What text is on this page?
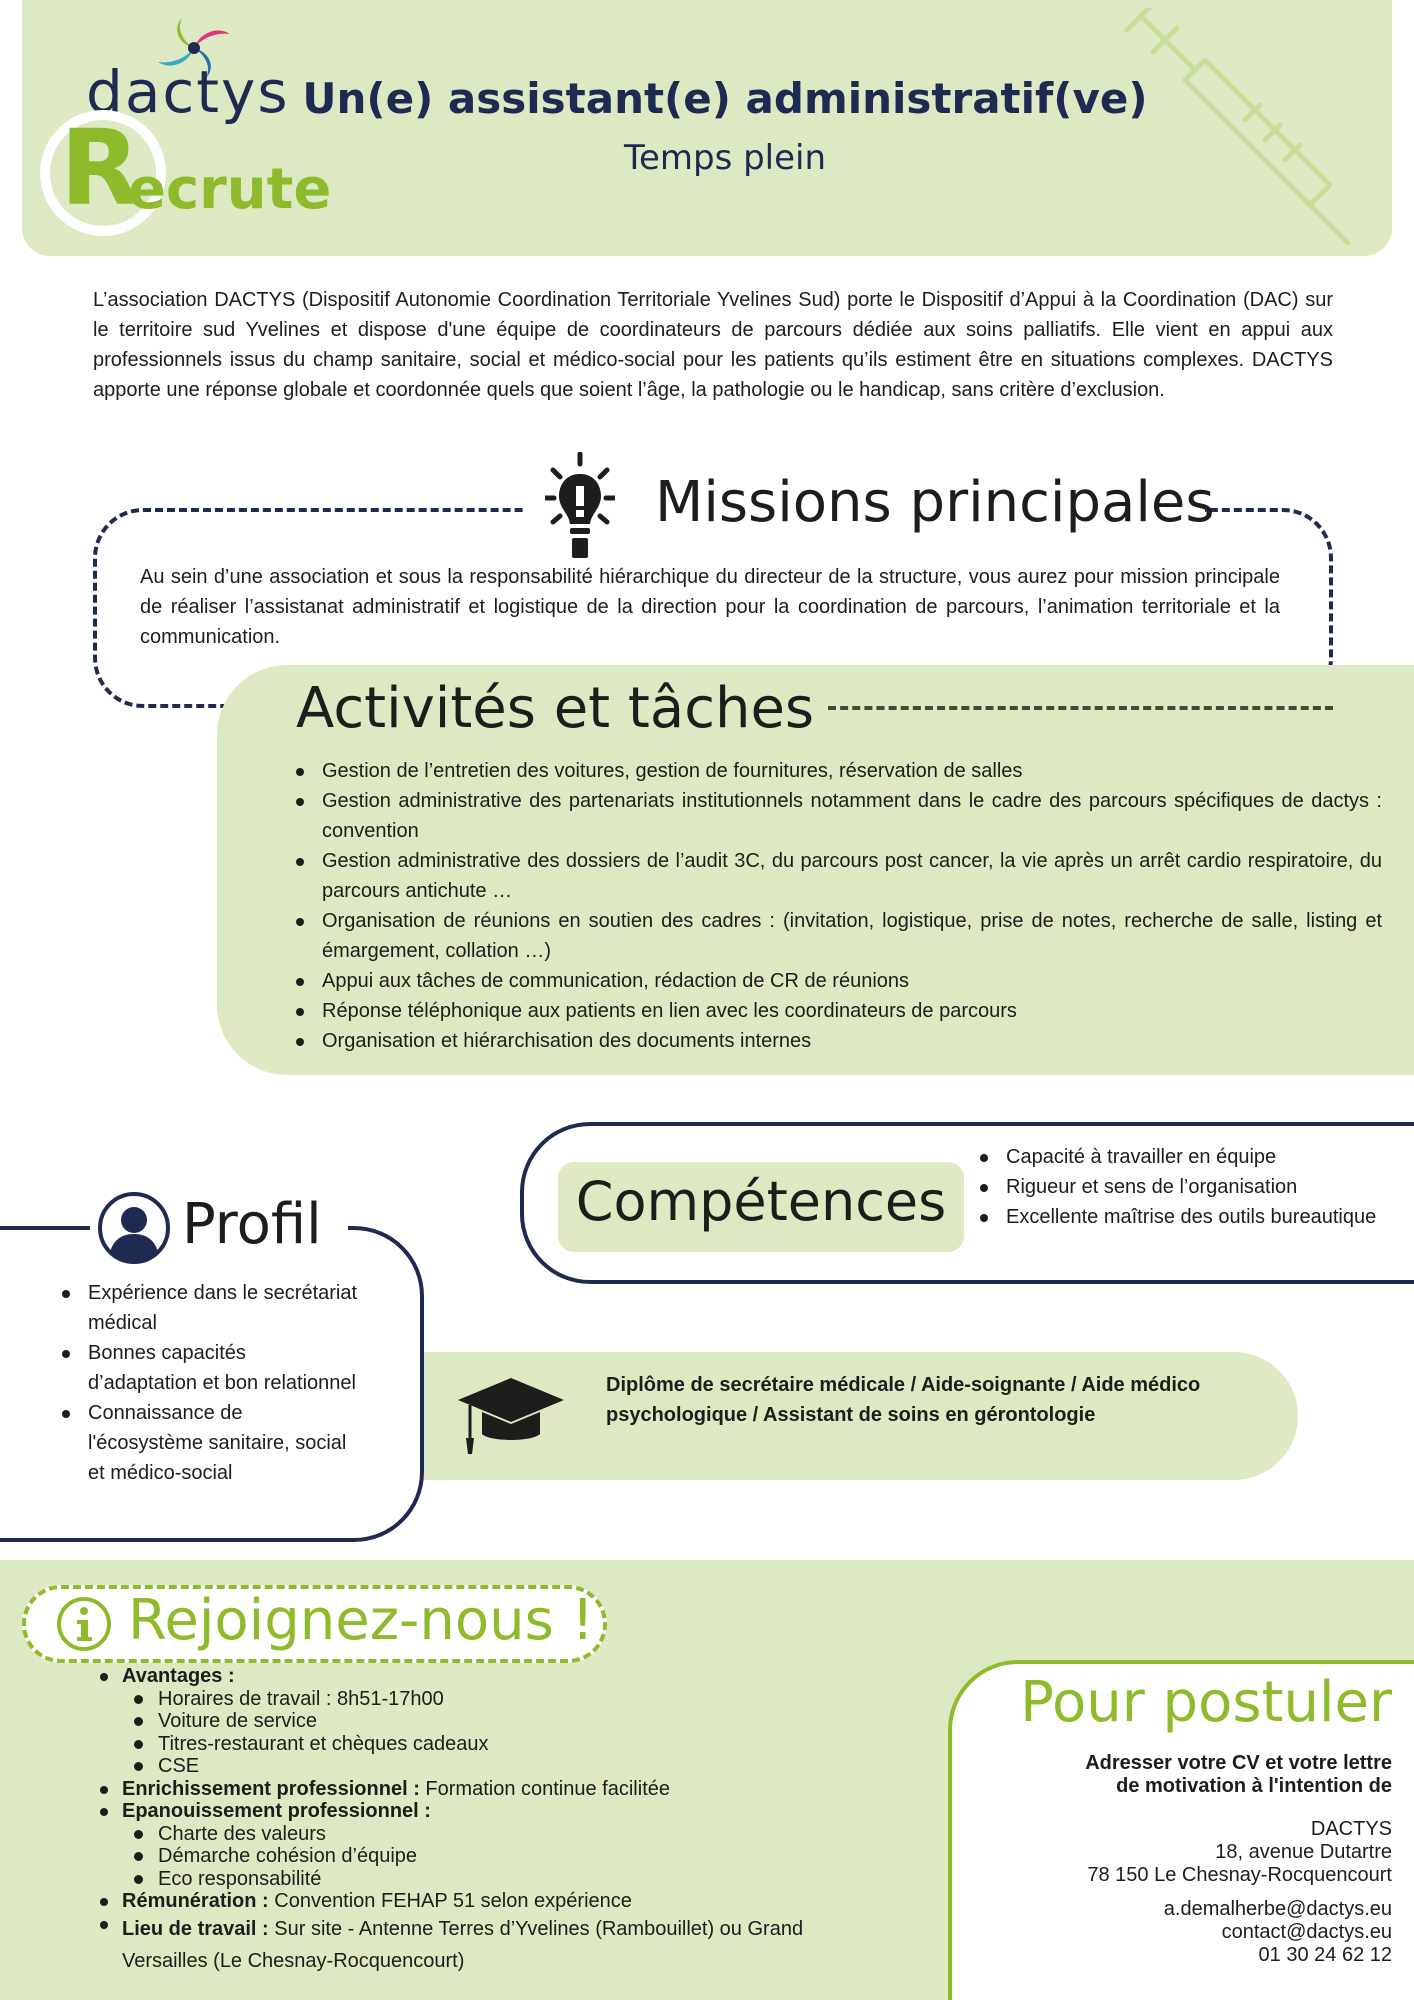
dactys
R
ecrute
Un(e) assistant(e) administratif(ve)
Temps plein

L’association DACTYS (Dispositif Autonomie Coordination Territoriale Yvelines Sud) porte le Dispositif d’Appui à la Coordination (DAC) sur le territoire sud Yvelines et dispose d'une équipe de coordinateurs de parcours dédiée aux soins palliatifs. Elle vient en appui aux professionnels issus du champ sanitaire, social et médico-social pour les patients qu’ils estiment être en situations complexes. DACTYS apporte une réponse globale et coordonnée quels que soient l’âge, la pathologie ou le handicap, sans critère d’exclusion.

Missions principales

Au sein d’une association et sous la responsabilité hiérarchique du directeur de la structure, vous aurez pour mission principale de réaliser l’assistanat administratif et logistique de la direction pour la coordination de parcours, l’animation territoriale et la communication.

Activités et tâches
Gestion de l’entretien des voitures, gestion de fournitures, réservation de salles
Gestion administrative des partenariats institutionnels notamment dans le cadre des parcours spécifiques de dactys : convention
Gestion administrative des dossiers de l’audit 3C, du parcours post cancer, la vie après un arrêt cardio respiratoire, du parcours antichute …
Organisation de réunions en soutien des cadres : (invitation, logistique, prise de notes, recherche de salle, listing et émargement, collation …)
Appui aux tâches de communication, rédaction de CR de réunions
Réponse téléphonique aux patients en lien avec les coordinateurs de parcours
Organisation et hiérarchisation des documents internes
Compétences
Capacité à travailler en équipe
Rigueur et sens de l’organisation
Excellente maîtrise des outils bureautique
Profil
Expérience dans le secrétariat médical
Bonnes capacités d’adaptation et bon relationnel
Connaissance de l'écosystème sanitaire, social et médico-social

Diplôme de secrétaire médicale / Aide-soignante / Aide médico psychologique / Assistant de soins en gérontologie

Rejoignez-nous !
Avantages :
Horaires de travail : 8h51-17h00
Voiture de service
Titres-restaurant et chèques cadeaux
CSE
Enrichissement professionnel : Formation continue facilitée
Epanouissement professionnel :
Charte des valeurs
Démarche cohésion d’équipe
Eco responsabilité
Rémunération : Convention FEHAP 51 selon expérience
Lieu de travail : Sur site - Antenne Terres d’Yvelines (Rambouillet) ou Grand Versailles (Le Chesnay-Rocquencourt)
Pour postuler
Adresser votre CV et votre lettre
de motivation à l'intention de
DACTYS
18, avenue Dutartre
78 150 Le Chesnay-Rocquencourt
a.demalherbe@dactys.eu
contact@dactys.eu
01 30 24 62 12
